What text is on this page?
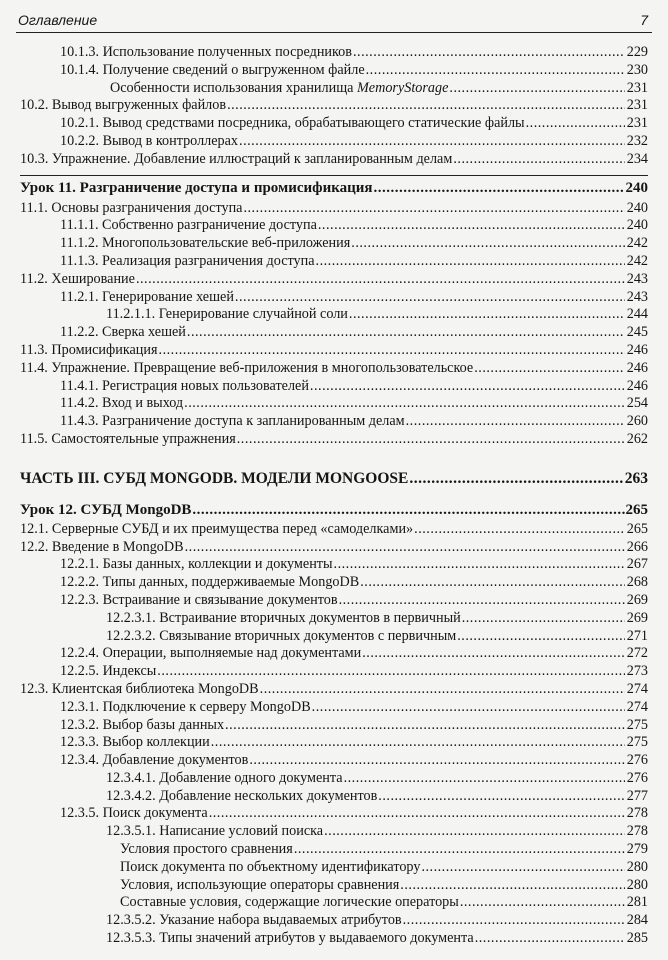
Оглавление	7
10.1.3. Использование полученных посредников .....	229
10.1.4. Получение сведений о выгруженном файле .....	230
Особенности использования хранилища MemoryStorage .....	231
10.2. Вывод выгруженных файлов .....	231
10.2.1. Вывод средствами посредника, обрабатывающего статические файлы .....	231
10.2.2. Вывод в контроллерах .....	232
10.3. Упражнение. Добавление иллюстраций к запланированным делам .....	234
Урок 11. Разграничение доступа и промисификация .....	240
11.1. Основы разграничения доступа .....	240
11.1.1. Собственно разграничение доступа .....	240
11.1.2. Многопользовательские веб-приложения .....	242
11.1.3. Реализация разграничения доступа .....	242
11.2. Хеширование .....	243
11.2.1. Генерирование хешей .....	243
11.2.1.1. Генерирование случайной соли .....	244
11.2.2. Сверка хешей .....	245
11.3. Промисификация .....	246
11.4. Упражнение. Превращение веб-приложения в многопользовательское .....	246
11.4.1. Регистрация новых пользователей .....	246
11.4.2. Вход и выход .....	254
11.4.3. Разграничение доступа к запланированным делам .....	260
11.5. Самостоятельные упражнения .....	262
ЧАСТЬ III. СУБД MONGODB. МОДЕЛИ MONGOOSE .....	263
Урок 12. СУБД MongoDB .....	265
12.1. Серверные СУБД и их преимущества перед «самоделками» .....	265
12.2. Введение в MongoDB .....	266
12.2.1. Базы данных, коллекции и документы .....	267
12.2.2. Типы данных, поддерживаемые MongoDB .....	268
12.2.3. Встраивание и связывание документов .....	269
12.2.3.1. Встраивание вторичных документов в первичный .....	269
12.2.3.2. Связывание вторичных документов с первичным .....	271
12.2.4. Операции, выполняемые над документами .....	272
12.2.5. Индексы .....	273
12.3. Клиентская библиотека MongoDB .....	274
12.3.1. Подключение к серверу MongoDB .....	274
12.3.2. Выбор базы данных .....	275
12.3.3. Выбор коллекции .....	275
12.3.4. Добавление документов .....	276
12.3.4.1. Добавление одного документа .....	276
12.3.4.2. Добавление нескольких документов .....	277
12.3.5. Поиск документа .....	278
12.3.5.1. Написание условий поиска .....	278
Условия простого сравнения .....	279
Поиск документа по объектному идентификатору .....	280
Условия, использующие операторы сравнения .....	280
Составные условия, содержащие логические операторы .....	281
12.3.5.2. Указание набора выдаваемых атрибутов .....	284
12.3.5.3. Типы значений атрибутов у выдаваемого документа .....	285
